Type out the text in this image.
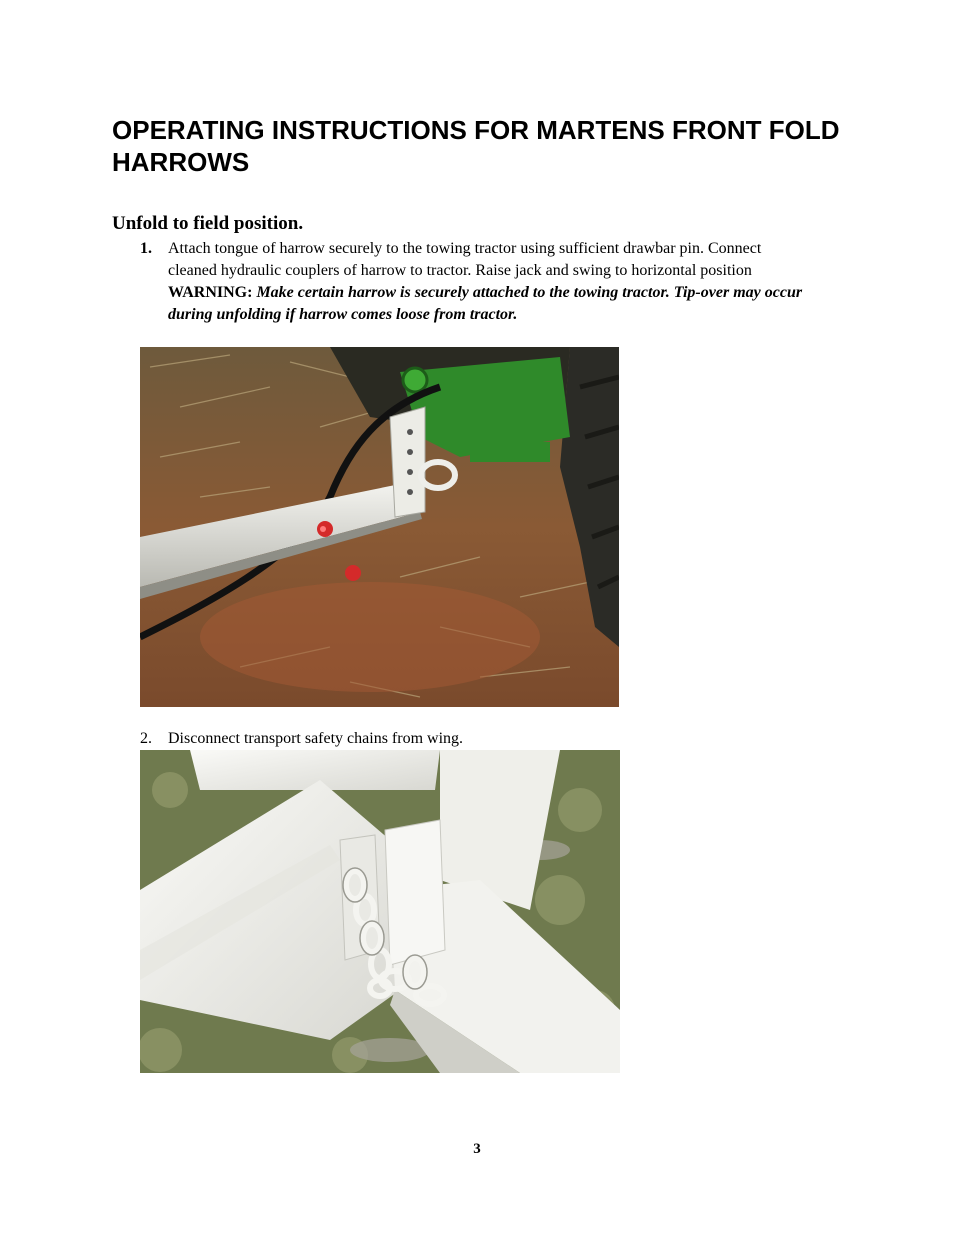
OPERATING INSTRUCTIONS FOR MARTENS FRONT FOLD HARROWS
Unfold to field position.
1.	Attach tongue of harrow securely to the towing tractor using sufficient drawbar pin. Connect cleaned hydraulic couplers of harrow to tractor. Raise jack and swing to horizontal position WARNING: Make certain harrow is securely attached to the towing tractor. Tip-over may occur during unfolding if harrow comes loose from tractor.
2.	Disconnect transport safety chains from wing.
3
